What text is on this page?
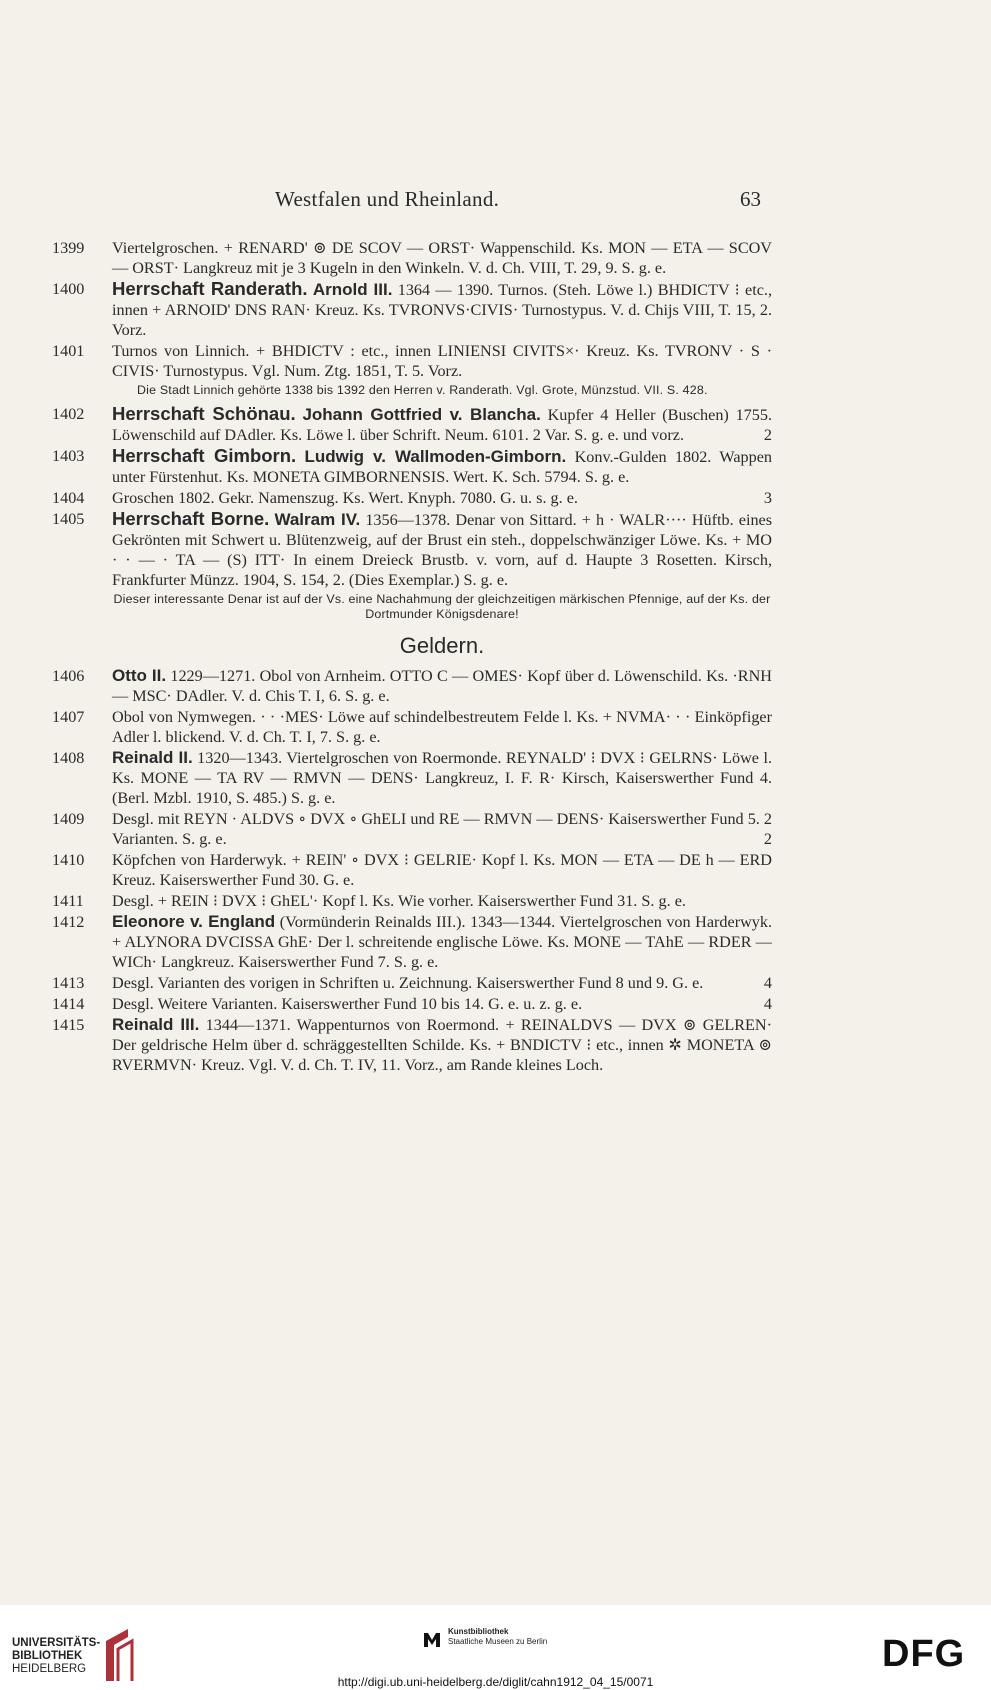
Westfalen und Rheinland.	63
1399	Viertelgroschen. + RENARD' ⊚ DE SCOV — ORST· Wappenschild. Ks. MON — ETA — SCOV — ORST· Langkreuz mit je 3 Kugeln in den Winkeln. V. d. Ch. VIII, T. 29, 9. S. g. e.
1400	Herrschaft Randerath. Arnold III. 1364 — 1390. Turnos. (Steh. Löwe l.) BHDICTV ⁝ etc., innen + ARNOID' DNS RAN· Kreuz. Ks. TVRONVS·CIVIS· Turnostypus. V. d. Chijs VIII, T. 15, 2. Vorz.
1401	Turnos von Linnich. + BHDICTV : etc., innen LINIENSI CIVITS×· Kreuz. Ks. TVRONV · S · CIVIS· Turnostypus. Vgl. Num. Ztg. 1851, T. 5. Vorz.
Die Stadt Linnich gehörte 1338 bis 1392 den Herren v. Randerath. Vgl. Grote, Münzstud. VII. S. 428.
1402	Herrschaft Schönau. Johann Gottfried v. Blancha. Kupfer 4 Heller (Buschen) 1755. Löwenschild auf DAdler. Ks. Löwe l. über Schrift. Neum. 6101. 2 Var. S. g. e. und vorz.	2
1403	Herrschaft Gimborn. Ludwig v. Wallmoden-Gimborn. Konv.-Gulden 1802. Wappen unter Fürstenhut. Ks. MONETA GIMBORNENSIS. Wert. K. Sch. 5794. S. g. e.
1404	Groschen 1802. Gekr. Namenszug. Ks. Wert. Knyph. 7080. G. u. s. g. e.	3
1405	Herrschaft Borne. Walram IV. 1356—1378. Denar von Sittard. + h · WALR···· Hüftb. eines Gekrönten mit Schwert u. Blütenzweig, auf der Brust ein steh., doppelschwänziger Löwe. Ks. + MO · · — · TA — (S) ITT· In einem Dreieck Brustb. v. vorn, auf d. Haupte 3 Rosetten. Kirsch, Frankfurter Münzz. 1904, S. 154, 2. (Dies Exemplar.) S. g. e.
Dieser interessante Denar ist auf der Vs. eine Nachahmung der gleichzeitigen märkischen Pfennige, auf der Ks. der Dortmunder Königsdenare!
Geldern.
1406	Otto II. 1229—1271. Obol von Arnheim. OTTO C — OMES· Kopf über d. Löwenschild. Ks. ·RNH — MSC· DAdler. V. d. Chis T. I, 6. S. g. e.
1407	Obol von Nymwegen. · · ·MES· Löwe auf schindelbestreutem Felde l. Ks. + NVMA· · · Einköpfiger Adler l. blickend. V. d. Ch. T. I, 7. S. g. e.
1408	Reinald II. 1320—1343. Viertelgroschen von Roermonde. REYNALD' ⁝ DVX ⁝ GELRNS· Löwe l. Ks. MONE — TA RV — RMVN — DENS· Langkreuz, I. F. R· Kirsch, Kaiserswerther Fund 4. (Berl. Mzbl. 1910, S. 485.) S. g. e.
1409	Desgl. mit REYN · ALDVS ∘ DVX ∘ GhELI und RE — RMVN — DENS· Kaiserswerther Fund 5. 2 Varianten. S. g. e.	2
1410	Köpfchen von Harderwyk. + REIN' ∘ DVX ⁝ GELRIE· Kopf l. Ks. MON — ETA — DE h — ERD Kreuz. Kaiserswerther Fund 30. G. e.
1411	Desgl. + REIN ⁝ DVX ⁝ GhEL'· Kopf l. Ks. Wie vorher. Kaiserswerther Fund 31. S. g. e.
1412	Eleonore v. England (Vormünderin Reinalds III.). 1343—1344. Viertelgroschen von Harderwyk. + ALYNORA DVCISSA GhE· Der l. schreitende englische Löwe. Ks. MONE — TAhE — RDER — WICh· Langkreuz. Kaiserswerther Fund 7. S. g. e.
1413	Desgl. Varianten des vorigen in Schriften u. Zeichnung. Kaiserswerther Fund 8 und 9. G. e.	4
1414	Desgl. Weitere Varianten. Kaiserswerther Fund 10 bis 14. G. e. u. z. g. e.	4
1415	Reinald III. 1344—1371. Wappenturnos von Roermond. + REINALDVS — DVX ⊚ GELREN· Der geldrische Helm über d. schräggestellten Schilde. Ks. + BNDICTV ⁝ etc., innen ✲ MONETA ⊚ RVERMVN· Kreuz. Vgl. V. d. Ch. T. IV, 11. Vorz., am Rande kleines Loch.
UNIVERSITÄTS-
BIBLIOTHEK
HEIDELBERG
Kunstbibliothek
Staatliche Museen zu Berlin	DFG
http://digi.ub.uni-heidelberg.de/diglit/cahn1912_04_15/0071
